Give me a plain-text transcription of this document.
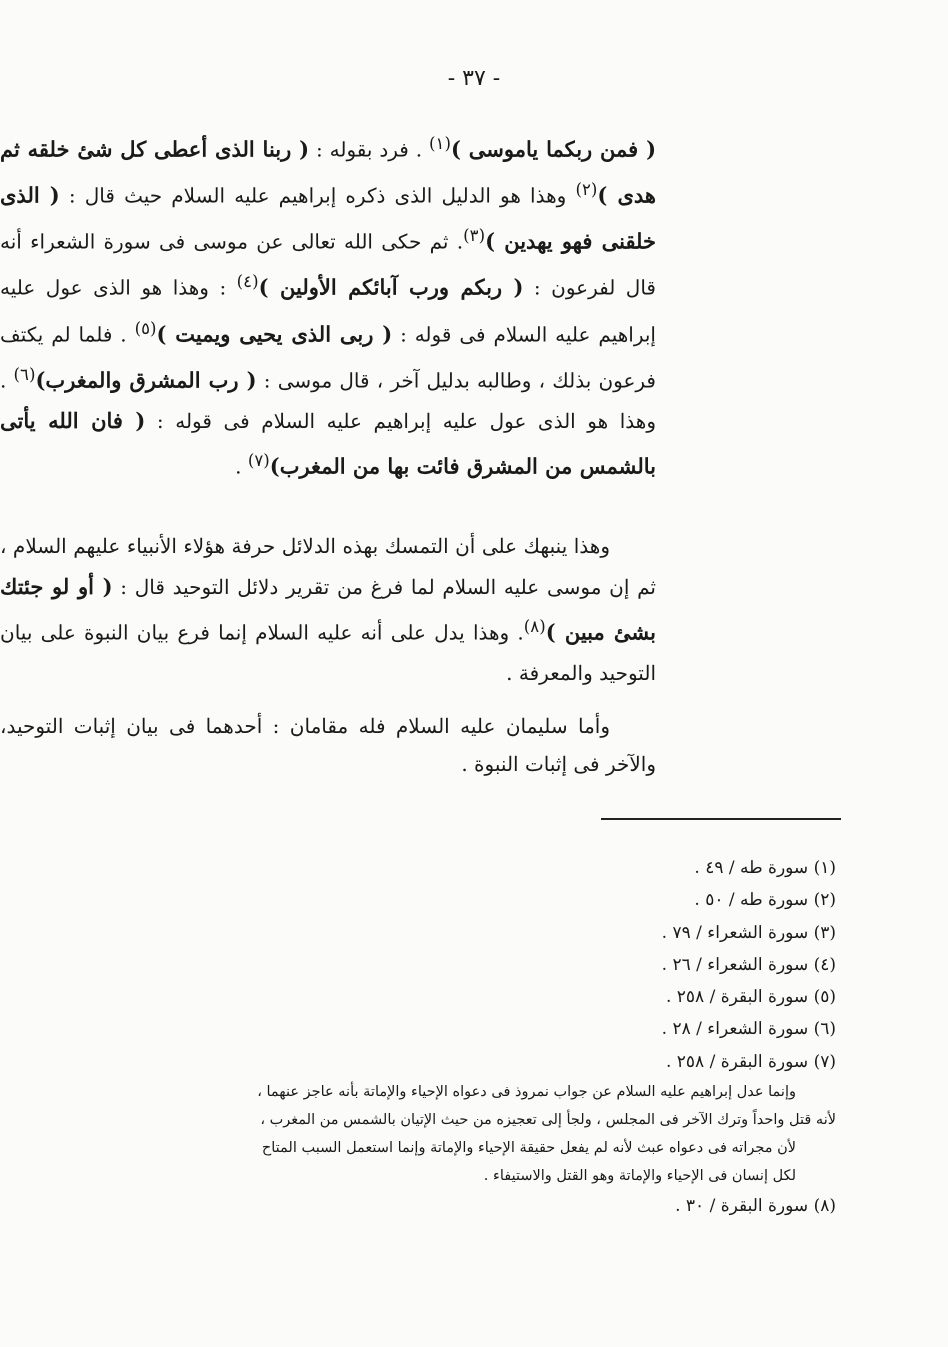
- ٣٧ -

( فمن ربكما ياموسى )$^{(١)}$ . فرد بقوله : ( ربنا الذى أعطى كل شئ خلقه ثم هدى )$^{(٢)}$ وهذا هو الدليل الذى ذكره إبراهيم عليه السلام حيث قال : ( الذى خلقنى فهو يهدين )$^{(٣)}$. ثم حكى الله تعالى عن موسى فى سورة الشعراء أنه قال لفرعون : ( ربكم ورب آبائكم الأولين )$^{(٤)}$ : وهذا هو الذى عول عليه إبراهيم عليه السلام فى قوله : ( ربى الذى يحيى ويميت )$^{(٥)}$ . فلما لم يكتف فرعون بذلك ، وطالبه بدليل آخر ، قال موسى : ( رب المشرق والمغرب)$^{(٦)}$ . وهذا هو الذى عول عليه إبراهيم عليه السلام فى قوله : ( فان الله يأتى بالشمس من المشرق فائت بها من المغرب)$^{(٧)}$ .

وهذا ينبهك على أن التمسك بهذه الدلائل حرفة هؤلاء الأنبياء عليهم السلام ، ثم إن موسى عليه السلام لما فرغ من تقرير دلائل التوحيد قال : ( أو لو جئتك بشئ مبين )$^{(٨)}$. وهذا يدل على أنه عليه السلام إنما فرع بيان النبوة على بيان التوحيد والمعرفة .

وأما سليمان عليه السلام فله مقامان : أحدهما فى بيان إثبات التوحيد، والآخر فى إثبات النبوة .

(١) سورة طه / ٤٩ .
(٢) سورة طه / ٥٠ .
(٣) سورة الشعراء / ٧٩ .
(٤) سورة الشعراء / ٢٦ .
(٥) سورة البقرة / ٢٥٨ .
(٦) سورة الشعراء / ٢٨ .
(٧) سورة البقرة / ٢٥٨ .
وإنما عدل إبراهيم عليه السلام عن جواب نمروذ فى دعواه الإحياء والإماتة بأنه عاجز عنهما ،
لأنه قتل واحداً وترك الآخر فى المجلس ، ولجأ إلى تعجيزه من حيث الإتيان بالشمس من المغرب ،
لأن مجراته فى دعواه عبث لأنه لم يفعل حقيقة الإحياء والإماتة وإنما استعمل السبب المتاح
لكل إنسان فى الإحياء والإماتة وهو القتل والاستيفاء .
(٨) سورة البقرة / ٣٠ .
